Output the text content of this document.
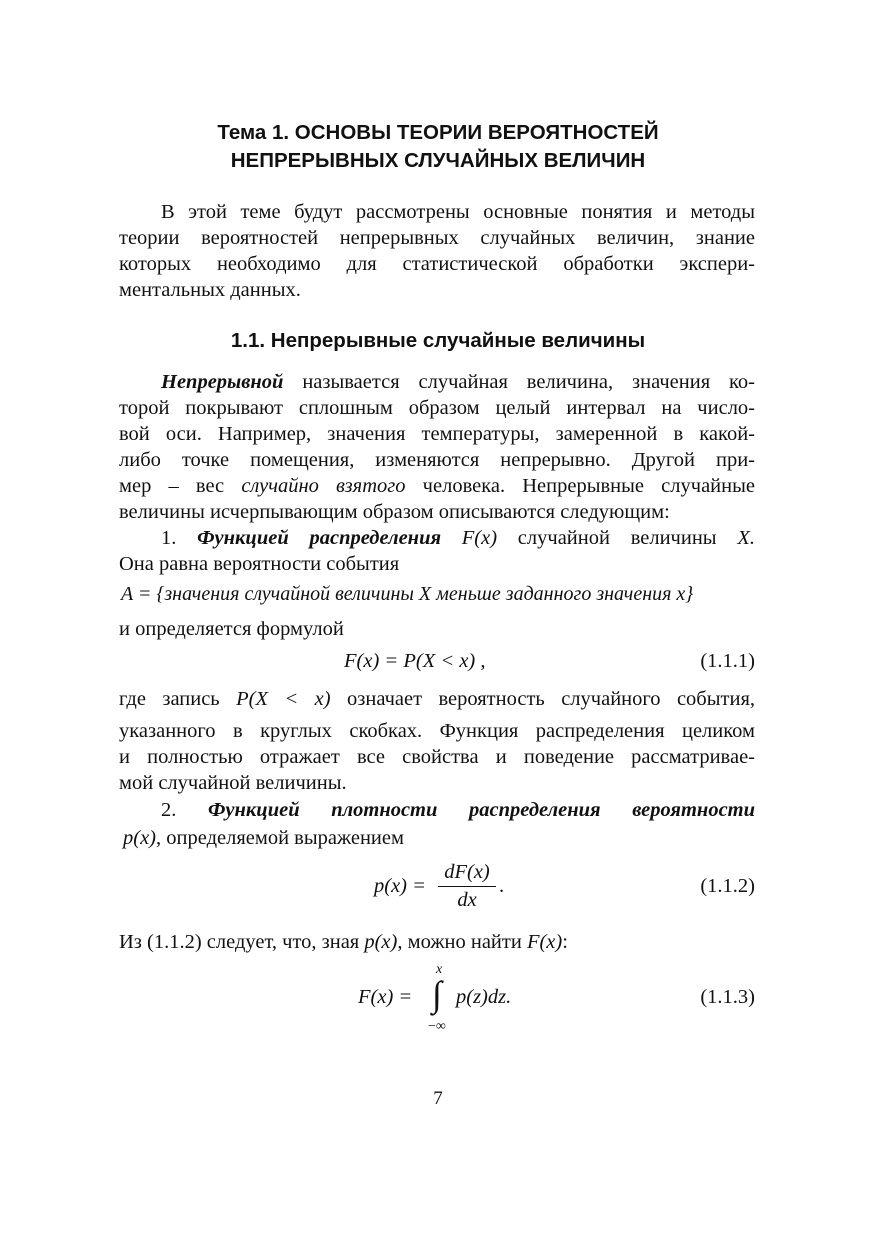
Тема 1. ОСНОВЫ ТЕОРИИ ВЕРОЯТНОСТЕЙ
НЕПРЕРЫВНЫХ СЛУЧАЙНЫХ ВЕЛИЧИН
В этой теме будут рассмотрены основные понятия и методы
теории вероятностей непрерывных случайных величин, знание
которых необходимо для статистической обработки экспери-
ментальных данных.
1.1. Непрерывные случайные величины
Непрерывной называется случайная величина, значения ко-
торой покрывают сплошным образом целый интервал на число-
вой оси. Например, значения температуры, замеренной в какой-
либо точке помещения, изменяются непрерывно. Другой при-
мер – вес случайно взятого человека. Непрерывные случайные
величины исчерпывающим образом описываются следующим:
1. Функцией распределения F(x) случайной величины X.
Она равна вероятности события
A = {значения случайной величины X меньше заданного значения x}
и определяется формулой
F(x) = P(X < x) ,	(1.1.1)
где запись P(X < x) означает вероятность случайного события,
указанного в круглых скобках. Функция распределения целиком
и полностью отражает все свойства и поведение рассматривае-
мой случайной величины.
2. Функцией плотности распределения вероятности
p(x), определяемой выражением
p(x) =
dF(x)
dx
.	(1.1.2)
Из (1.1.2) следует, что, зная p(x), можно найти F(x):
F(x) =
x
∫
−∞
p(z)dz.	(1.1.3)
7
